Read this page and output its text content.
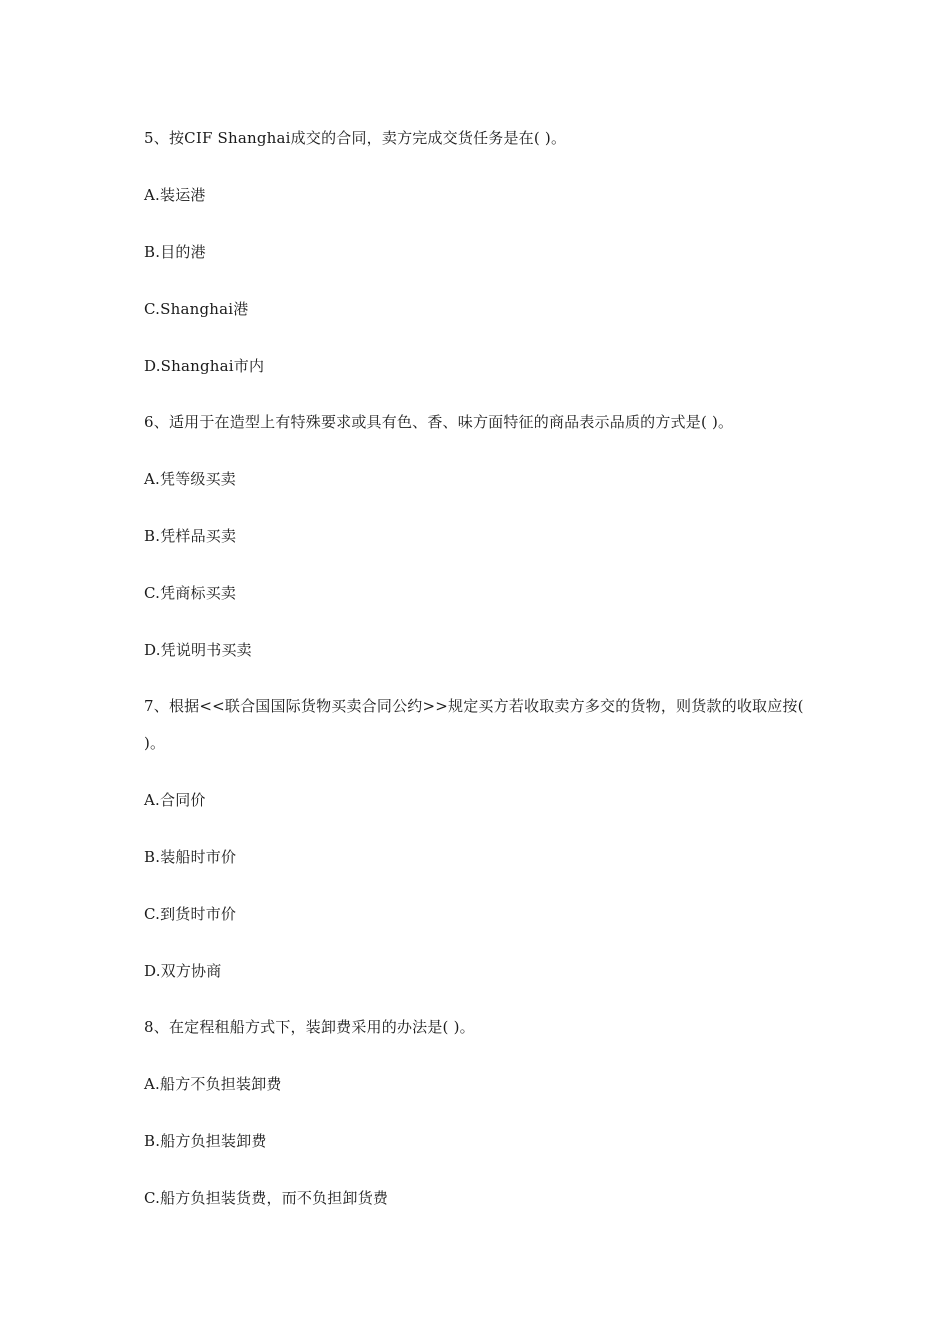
5、按CIF Shanghai成交的合同，卖方完成交货任务是在( )。
A.装运港
B.目的港
C.Shanghai港
D.Shanghai市内
6、适用于在造型上有特殊要求或具有色、香、味方面特征的商品表示品质的方式是( )。
A.凭等级买卖
B.凭样品买卖
C.凭商标买卖
D.凭说明书买卖
7、根据<<联合国国际货物买卖合同公约>>规定买方若收取卖方多交的货物，则货款的收取应按( )。
A.合同价
B.装船时市价
C.到货时市价
D.双方协商
8、在定程租船方式下，装卸费采用的办法是( )。
A.船方不负担装卸费
B.船方负担装卸费
C.船方负担装货费，而不负担卸货费
